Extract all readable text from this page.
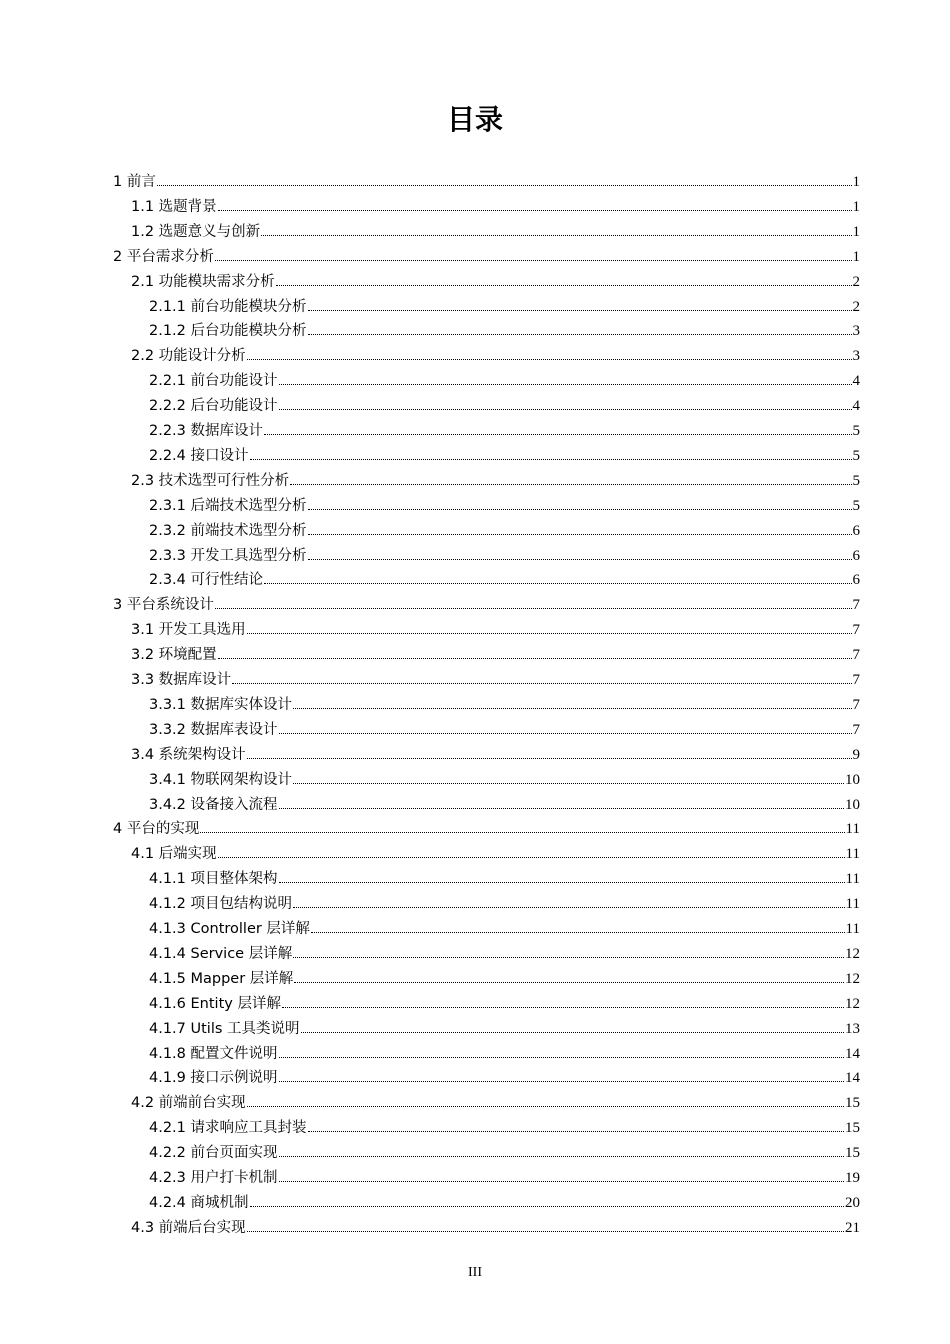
目录
1 前言	1
1.1 选题背景	1
1.2 选题意义与创新	1
2 平台需求分析	1
2.1 功能模块需求分析	2
2.1.1 前台功能模块分析	2
2.1.2 后台功能模块分析	3
2.2 功能设计分析	3
2.2.1 前台功能设计	4
2.2.2 后台功能设计	4
2.2.3 数据库设计	5
2.2.4 接口设计	5
2.3 技术选型可行性分析	5
2.3.1 后端技术选型分析	5
2.3.2 前端技术选型分析	6
2.3.3 开发工具选型分析	6
2.3.4 可行性结论	6
3 平台系统设计	7
3.1 开发工具选用	7
3.2 环境配置	7
3.3 数据库设计	7
3.3.1 数据库实体设计	7
3.3.2 数据库表设计	7
3.4 系统架构设计	9
3.4.1 物联网架构设计	10
3.4.2 设备接入流程	10
4 平台的实现	11
4.1 后端实现	11
4.1.1 项目整体架构	11
4.1.2 项目包结构说明	11
4.1.3 Controller 层详解	11
4.1.4 Service 层详解	12
4.1.5 Mapper 层详解	12
4.1.6 Entity 层详解	12
4.1.7 Utils 工具类说明	13
4.1.8 配置文件说明	14
4.1.9 接口示例说明	14
4.2 前端前台实现	15
4.2.1 请求响应工具封装	15
4.2.2 前台页面实现	15
4.2.3 用户打卡机制	19
4.2.4 商城机制	20
4.3 前端后台实现	21
III
